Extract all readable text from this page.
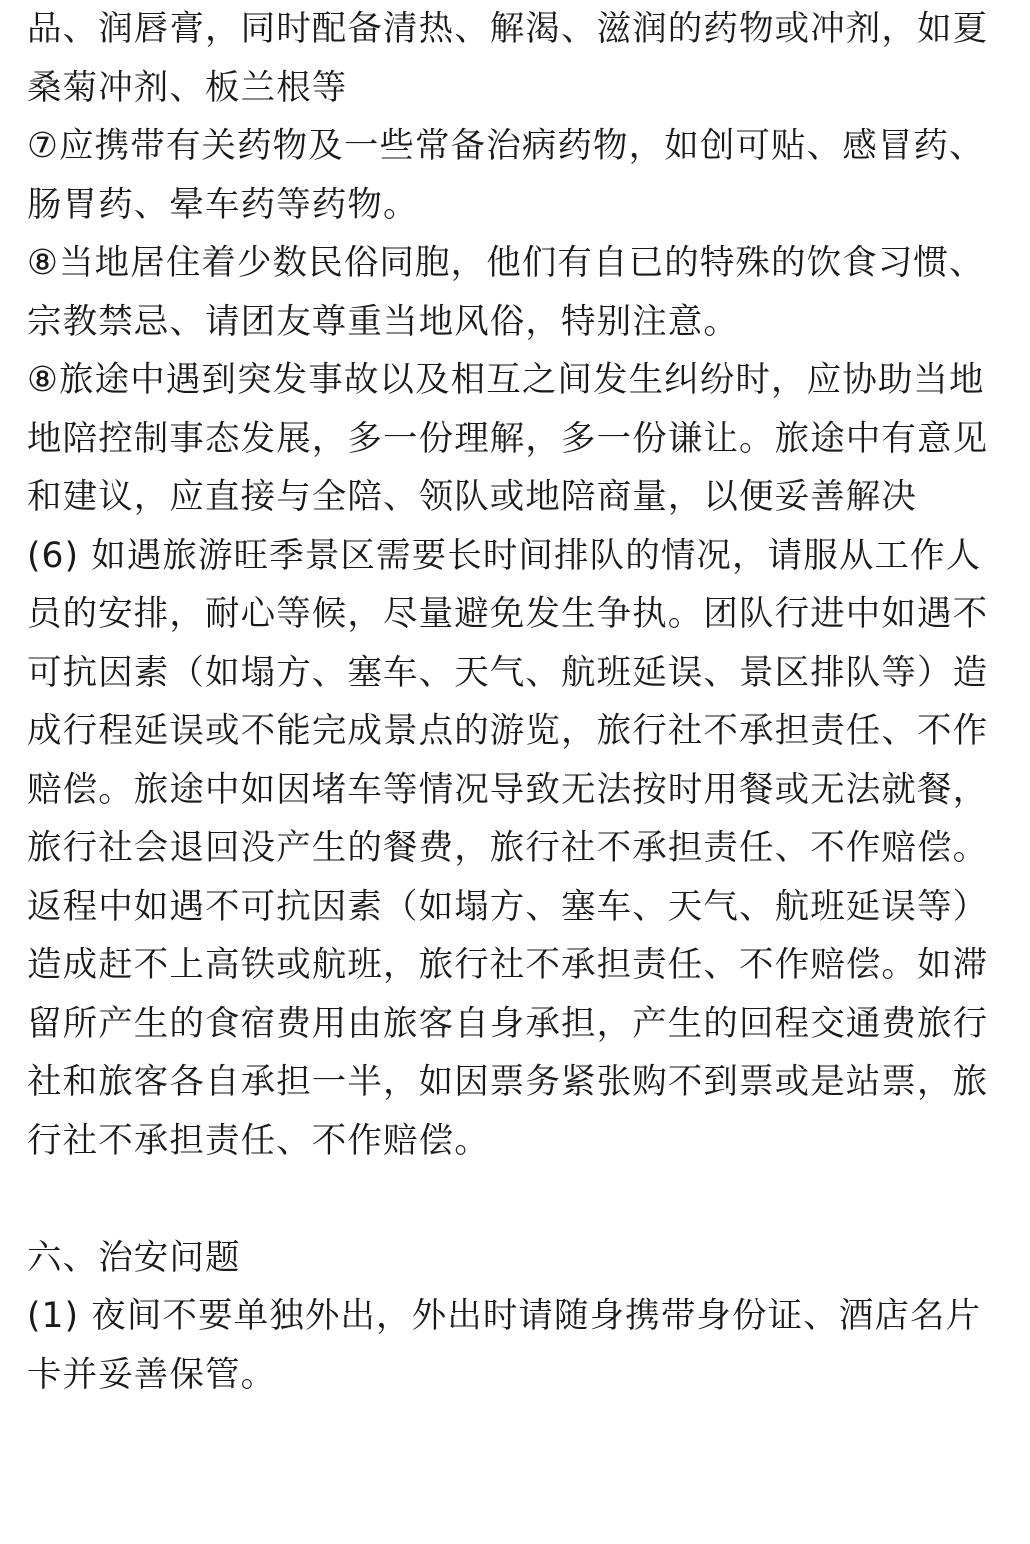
品、润唇膏，同时配备清热、解渴、滋润的药物或冲剂，如夏桑菊冲剂、板兰根等

⑦应携带有关药物及一些常备治病药物，如创可贴、感冒药、肠胃药、晕车药等药物。

⑧当地居住着少数民俗同胞，他们有自已的特殊的饮食习惯、宗教禁忌、请团友尊重当地风俗，特别注意。

⑧旅途中遇到突发事故以及相互之间发生纠纷时，应协助当地地陪控制事态发展，多一份理解，多一份谦让。旅途中有意见和建议，应直接与全陪、领队或地陪商量，以便妥善解决

(6) 如遇旅游旺季景区需要长时间排队的情况，请服从工作人员的安排，耐心等候，尽量避免发生争执。团队行进中如遇不可抗因素（如塌方、塞车、天气、航班延误、景区排队等）造成行程延误或不能完成景点的游览，旅行社不承担责任、不作赔偿。旅途中如因堵车等情况导致无法按时用餐或无法就餐，旅行社会退回没产生的餐费，旅行社不承担责任、不作赔偿。返程中如遇不可抗因素（如塌方、塞车、天气、航班延误等）造成赶不上高铁或航班，旅行社不承担责任、不作赔偿。如滞留所产生的食宿费用由旅客自身承担，产生的回程交通费旅行社和旅客各自承担一半，如因票务紧张购不到票或是站票，旅行社不承担责任、不作赔偿。

六、治安问题

(1) 夜间不要单独外出，外出时请随身携带身份证、酒店名片卡并妥善保管。
